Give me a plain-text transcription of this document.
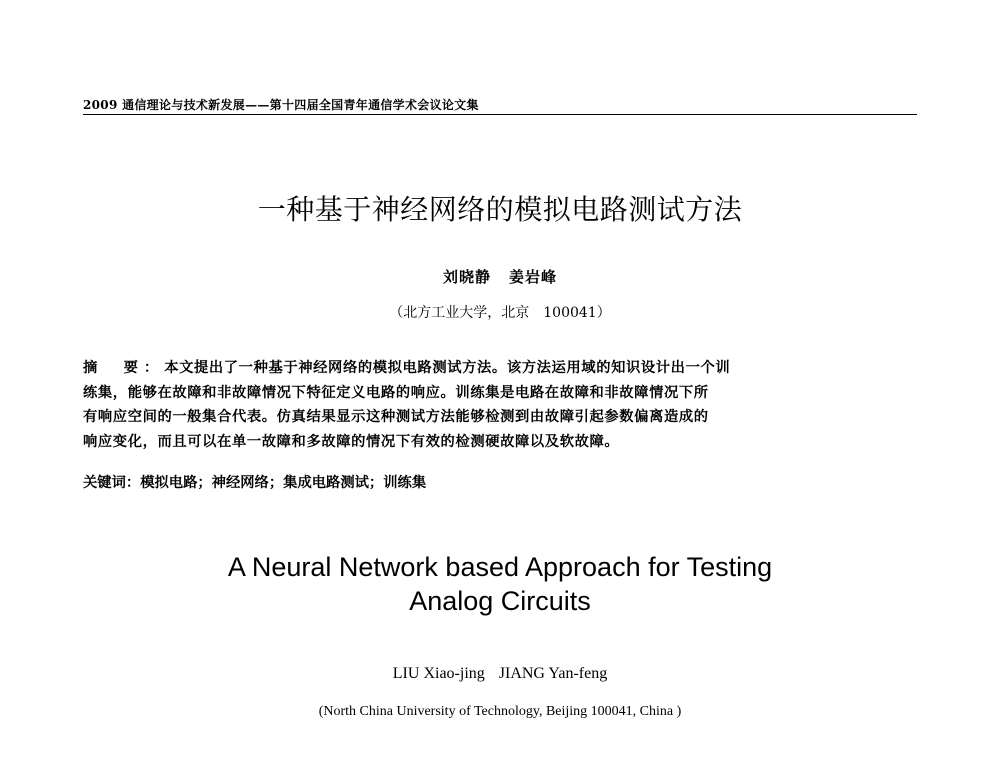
2009 通信理论与技术新发展——第十四届全国青年通信学术会议论文集
一种基于神经网络的模拟电路测试方法
刘晓静 姜岩峰
（北方工业大学，北京　100041）
摘　要：本文提出了一种基于神经网络的模拟电路测试方法。该方法运用域的知识设计出一个训
练集，能够在故障和非故障情况下特征定义电路的响应。训练集是电路在故障和非故障情况下所
有响应空间的一般集合代表。仿真结果显示这种测试方法能够检测到由故障引起参数偏离造成的
响应变化，而且可以在单一故障和多故障的情况下有效的检测硬故障以及软故障。
关键词：模拟电路；神经网络；集成电路测试；训练集
A Neural Network based Approach for Testing
Analog Circuits
LIU Xiao-jing JIANG Yan-feng
(North China University of Technology, Beijing 100041, China )
